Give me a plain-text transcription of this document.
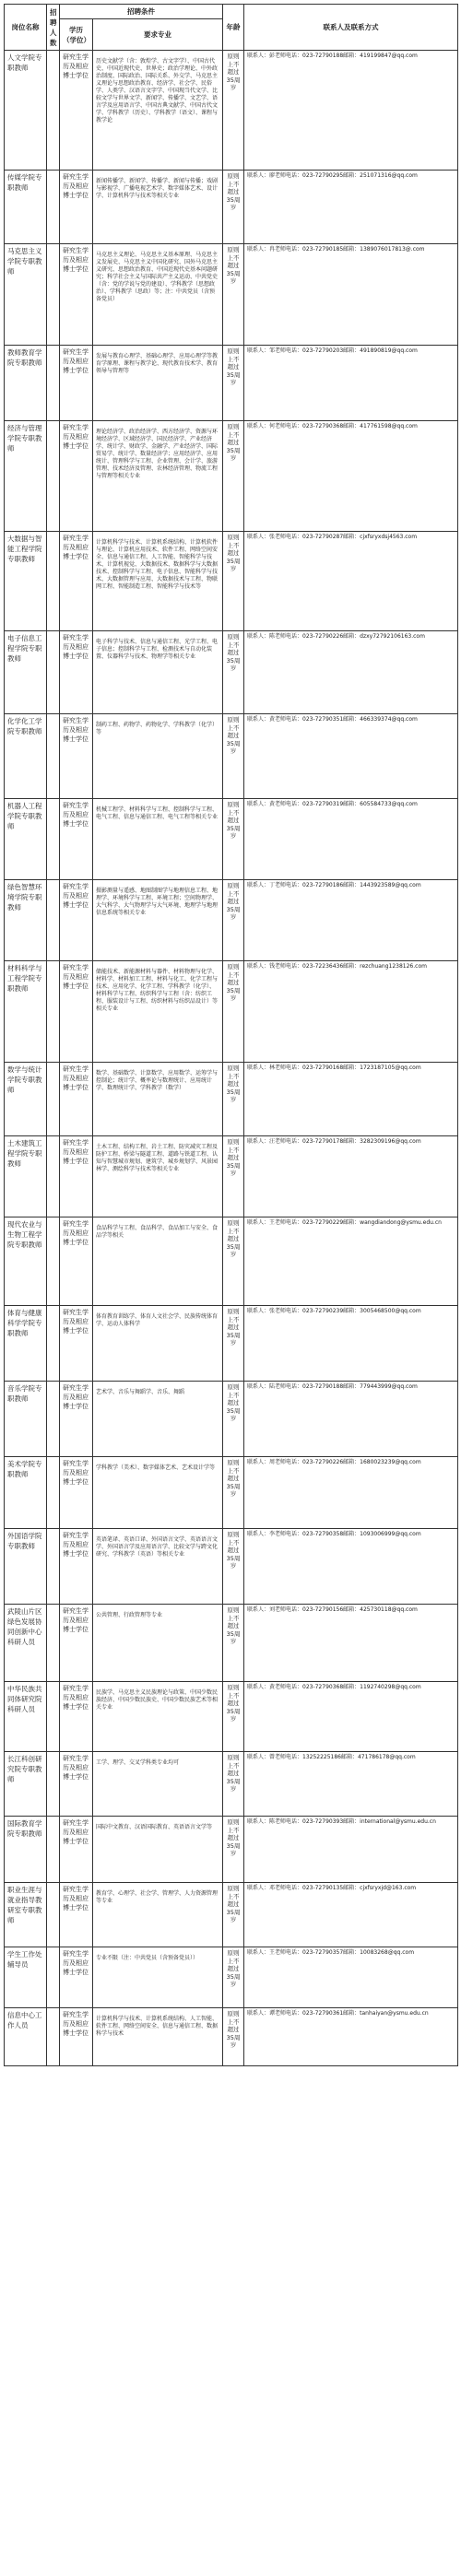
岗位名称	招聘人数	招聘条件		年龄	联系人及联系方式
		学历（学位）	要求专业		
人文学院专职教师		研究生学历及相应博士学位	历史文献学（含：敦煌学、古文字学）、中国古代史、中国近现代史、世界史；政治学理论、中外政治制度、国际政治、国际关系、外交学、马克思主义理论与思想政治教育、经济学、社会学、民俗学、人类学、汉语言文字学、中国现当代文学、比较文学与世界文学、新闻学、传播学、文艺学、语言学及应用语言学、中国古典文献学、中国古代文学、学科教学（历史）、学科教学（语文）、课程与教学论	原则上不超过35周岁	联系人：彭老师电话：023-72790188邮箱：419199847@qq.com
传媒学院专职教师		研究生学历及相应博士学位	新闻传播学、新闻学、传播学、新闻与传播；戏剧与影视学、广播电视艺术学、数字媒体艺术、设计学、计算机科学与技术等相关专业	原则上不超过35周岁	联系人：廖老师电话：023-72790295邮箱：251071316@qq.com
马克思主义学院专职教师		研究生学历及相应博士学位	马克思主义理论、马克思主义基本原理、马克思主义发展史、马克思主义中国化研究、国外马克思主义研究、思想政治教育、中国近现代史基本问题研究；科学社会主义与国际共产主义运动、中共党史（含：党的学说与党的建设）、学科教学（思想政治）、学科教学（思政）等；注：中共党员（含预备党员）	原则上不超过35周岁	联系人：冉老师电话：023-72790185邮箱：1389076017813@.com
教师教育学院专职教师		研究生学历及相应博士学位	发展与教育心理学、基础心理学、应用心理学等教育学原理、课程与教学论、现代教育技术学、教育领导与管理等	原则上不超过35周岁	联系人：邹老师电话：023-72790203邮箱：491890819@qq.com
经济与管理学院专职教师		研究生学历及相应博士学位	理论经济学、政治经济学、西方经济学、资源与环境经济学、区域经济学、国民经济学、产业经济学、统计学、财政学、金融学、产业经济学、国际贸易学、统计学、数量经济学；应用经济学、应用统计、管理科学与工程、企业管理、会计学、旅游管理、技术经济及管理、农林经济管理、物流工程与管理等相关专业	原则上不超过35周岁	联系人：何老师电话：023-72790368邮箱：417761598@qq.com
大数据与智能工程学院专职教师		研究生学历及相应博士学位	计算机科学与技术、计算机系统结构、计算机软件与理论、计算机应用技术、软件工程、网络空间安全、信息与通信工程、人工智能、智能科学与技术、计算机视觉、大数据技术、数据科学与大数据技术、控制科学与工程、电子信息、智能科学与技术、大数据管理与应用、大数据技术与工程、物联网工程、智能制造工程、智能科学与技术等	原则上不超过35周岁	联系人：张老师电话：023-72790287邮箱：cjxfsryxdsj4563.com
电子信息工程学院专职教师		研究生学历及相应博士学位	电子科学与技术、信息与通信工程、光学工程、电子信息；控制科学与工程、检测技术与自动化装置、仪器科学与技术、物理学等相关专业	原则上不超过35周岁	联系人：陈老师电话：023-72790226邮箱：dzxy72792106163.com
化学化工学院专职教师		研究生学历及相应博士学位	制药工程、药物学、药物化学、学科教学（化学）等	原则上不超过35周岁	联系人：黄老师电话：023-72790351邮箱：466339374@qq.com
机器人工程学院专职教师		研究生学历及相应博士学位	机械工程学、材料科学与工程、控制科学与工程、电气工程、信息与通信工程、电气工程等相关专业	原则上不超过35周岁	联系人：黄老师电话：023-72790319邮箱：605584733@qq.com
绿色智慧环境学院专职教师		研究生学历及相应博士学位	摄影测量与遥感、地图制图学与地理信息工程、地理学、环境科学与工程、环境工程；空间物理学、大气科学、大气物理学与大气环境、地理学与地理信息系统等相关专业	原则上不超过35周岁	联系人：丁老师电话：023-72790186邮箱：1443923589@qq.com
材料科学与工程学院专职教师		研究生学历及相应博士学位	储能技术、新能源材料与器件、材料物理与化学、材料学、材料加工工程、材料与化工、化学工程与技术、应用化学、化学工程、学科教学（化学）、材料科学与工程、纺织科学与工程（含：纺织工程、服装设计与工程、纺织材料与纺织品设计）等相关专业	原则上不超过35周岁	联系人：钱老师电话：023-72236436邮箱：rezchuang1238126.com
数学与统计学院专职教师		研究生学历及相应博士学位	数学、基础数学、计算数学、应用数学、运筹学与控制论；统计学、概率论与数理统计、应用统计学、数理统计学、学科教学（数学）	原则上不超过35周岁	联系人：林老师电话：023-72790168邮箱：1723187105@qq.com
土木建筑工程学院专职教师		研究生学历及相应博士学位	土木工程、结构工程、岩土工程、防灾减灾工程及防护工程、桥梁与隧道工程、道路与铁道工程、认知与智慧城市规划、建筑学、城乡规划学、风景园林学、测绘科学与技术等相关专业	原则上不超过35周岁	联系人：汪老师电话：023-72790178邮箱：3282309196@qq.com
现代农业与生物工程学院专职教师		研究生学历及相应博士学位	食品科学与工程、食品科学、食品加工与安全、食品学等相关	原则上不超过35周岁	联系人：王老师电话：023-72790229邮箱：wangdiandong@ysmu.edu.cn
体育与健康科学学院专职教师		研究生学历及相应博士学位	体育教育训练学、体育人文社会学、民族传统体育学、运动人体科学	原则上不超过35周岁	联系人：张老师电话：023-72790239邮箱：3005468500@qq.com
音乐学院专职教师		研究生学历及相应博士学位	艺术学、音乐与舞蹈学、音乐、舞蹈	原则上不超过35周岁	联系人：陆老师电话：023-72790188邮箱：779443999@qq.com
美术学院专职教师		研究生学历及相应博士学位	学科教学（美术）、数字媒体艺术、艺术设计学等	原则上不超过35周岁	联系人：周老师电话：023-72790226邮箱：1680023239@qq.com
外国语学院专职教师		研究生学历及相应博士学位	英语笔译、英语口译、外国语言文学、英语语言文学、外国语言学及应用语言学、比较文学与跨文化研究、学科教学（英语）等相关专业	原则上不超过35周岁	联系人：李老师电话：023-72790358邮箱：1093006999@qq.com
武陵山片区绿色发展协同创新中心科研人员		研究生学历及相应博士学位	公共管理、行政管理等专业	原则上不超过35周岁	联系人：刘老师电话：023-72790156邮箱：425730118@qq.com
中华民族共同体研究院科研人员		研究生学历及相应博士学位	民族学、马克思主义民族理论与政策、中国少数民族经济、中国少数民族史、中国少数民族艺术等相关专业	原则上不超过35周岁	联系人：黄老师电话：023-72790368邮箱：1192740298@qq.com
长江科创研究院专职教师		研究生学历及相应博士学位	工学、理学、交叉学科类专业均可	原则上不超过35周岁	联系人：曾老师电话：13252225186邮箱：471786178@qq.com
国际教育学院专职教师		研究生学历及相应博士学位	国际中文教育、汉语国际教育、英语语言文学等	原则上不超过35周岁	联系人：陈老师电话：023-72790393邮箱：international@ysmu.edu.cn
职业生涯与就业指导教研室专职教师		研究生学历及相应博士学位	教育学、心理学、社会学、管理学、人力资源管理等专业	原则上不超过35周岁	联系人：邓老师电话：023-72790135邮箱：cjxfsryxjd@163.com
学生工作处辅导员		研究生学历及相应博士学位	专业不限（注：中共党员（含预备党员））	原则上不超过35周岁	联系人：王老师电话：023-72790357邮箱：10083268@qq.com
信息中心工作人员		研究生学历及相应博士学位	计算机科学与技术、计算机系统结构、人工智能、软件工程、网络空间安全、信息与通信工程、数据科学与技术	原则上不超过35周岁	联系人：谭老师电话：023-72790361邮箱：tanhaiyan@ysmu.edu.cn
